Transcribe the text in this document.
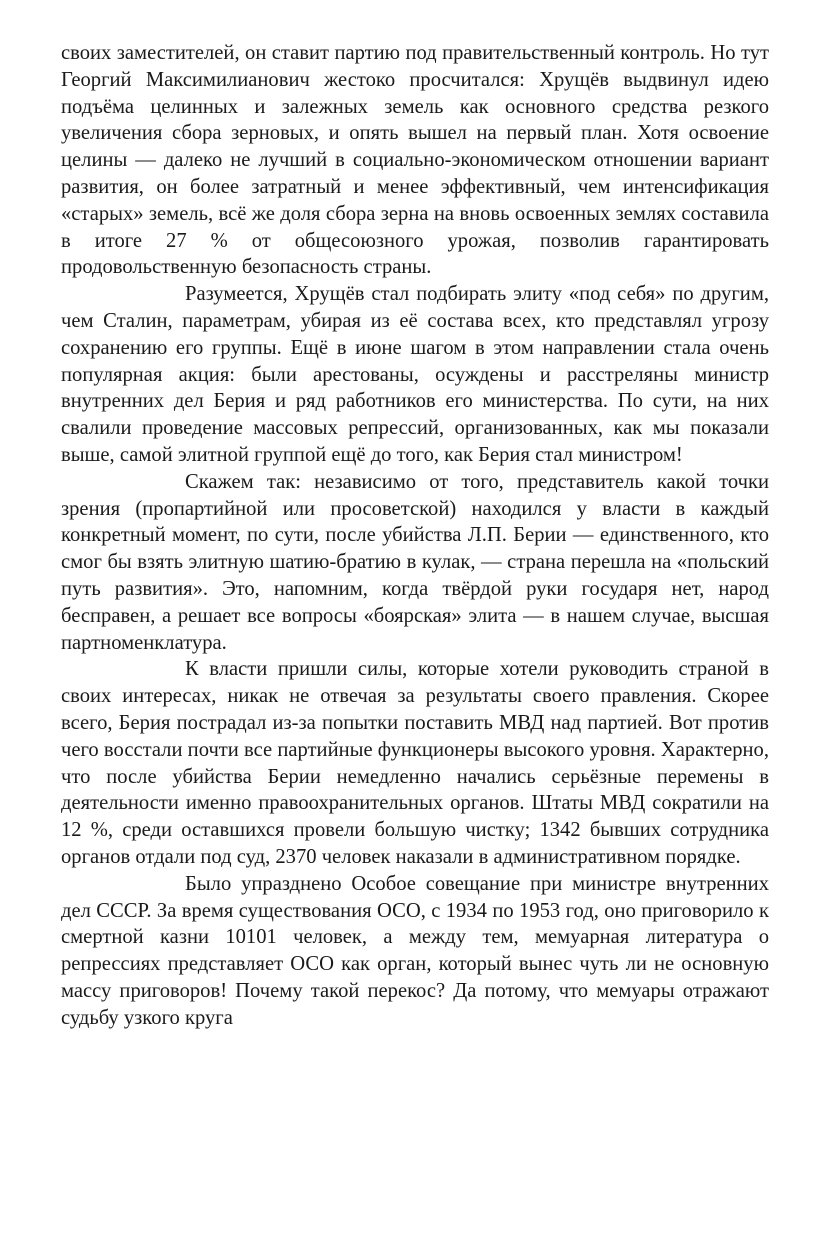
своих заместителей, он ставит партию под правительственный контроль. Но тут Георгий Максимилианович жестоко просчитался: Хрущёв выдвинул идею подъёма целинных и залежных земель как основного средства резкого увеличения сбора зерновых, и опять вышел на первый план. Хотя освоение целины — далеко не лучший в социально-экономическом отношении вариант развития, он более затратный и менее эффективный, чем интенсификация «старых» земель, всё же доля сбора зерна на вновь освоенных землях составила в итоге 27 % от общесоюзного урожая, позволив гарантировать продовольственную безопасность страны.

Разумеется, Хрущёв стал подбирать элиту «под себя» по другим, чем Сталин, параметрам, убирая из её состава всех, кто представлял угрозу сохранению его группы. Ещё в июне шагом в этом направлении стала очень популярная акция: были арестованы, осуждены и расстреляны министр внутренних дел Берия и ряд работников его министерства. По сути, на них свалили проведение массовых репрессий, организованных, как мы показали выше, самой элитной группой ещё до того, как Берия стал министром!

Скажем так: независимо от того, представитель какой точки зрения (пропартийной или просоветской) находился у власти в каждый конкретный момент, по сути, после убийства Л.П. Берии — единственного, кто смог бы взять элитную шатию-братию в кулак, — страна перешла на «польский путь развития». Это, напомним, когда твёрдой руки государя нет, народ бесправен, а решает все вопросы «боярская» элита — в нашем случае, высшая партноменклатура.

К власти пришли силы, которые хотели руководить страной в своих интересах, никак не отвечая за результаты своего правления. Скорее всего, Берия пострадал из-за попытки поставить МВД над партией. Вот против чего восстали почти все партийные функционеры высокого уровня. Характерно, что после убийства Берии немедленно начались серьёзные перемены в деятельности именно правоохранительных органов. Штаты МВД сократили на 12 %, среди оставшихся провели большую чистку; 1342 бывших сотрудника органов отдали под суд, 2370 человек наказали в административном порядке.

Было упразднено Особое совещание при министре внутренних дел СССР. За время существования ОСО, с 1934 по 1953 год, оно приговорило к смертной казни 10101 человек, а между тем, мемуарная литература о репрессиях представляет ОСО как орган, который вынес чуть ли не основную массу приговоров! Почему такой перекос? Да потому, что мемуары отражают судьбу узкого круга
